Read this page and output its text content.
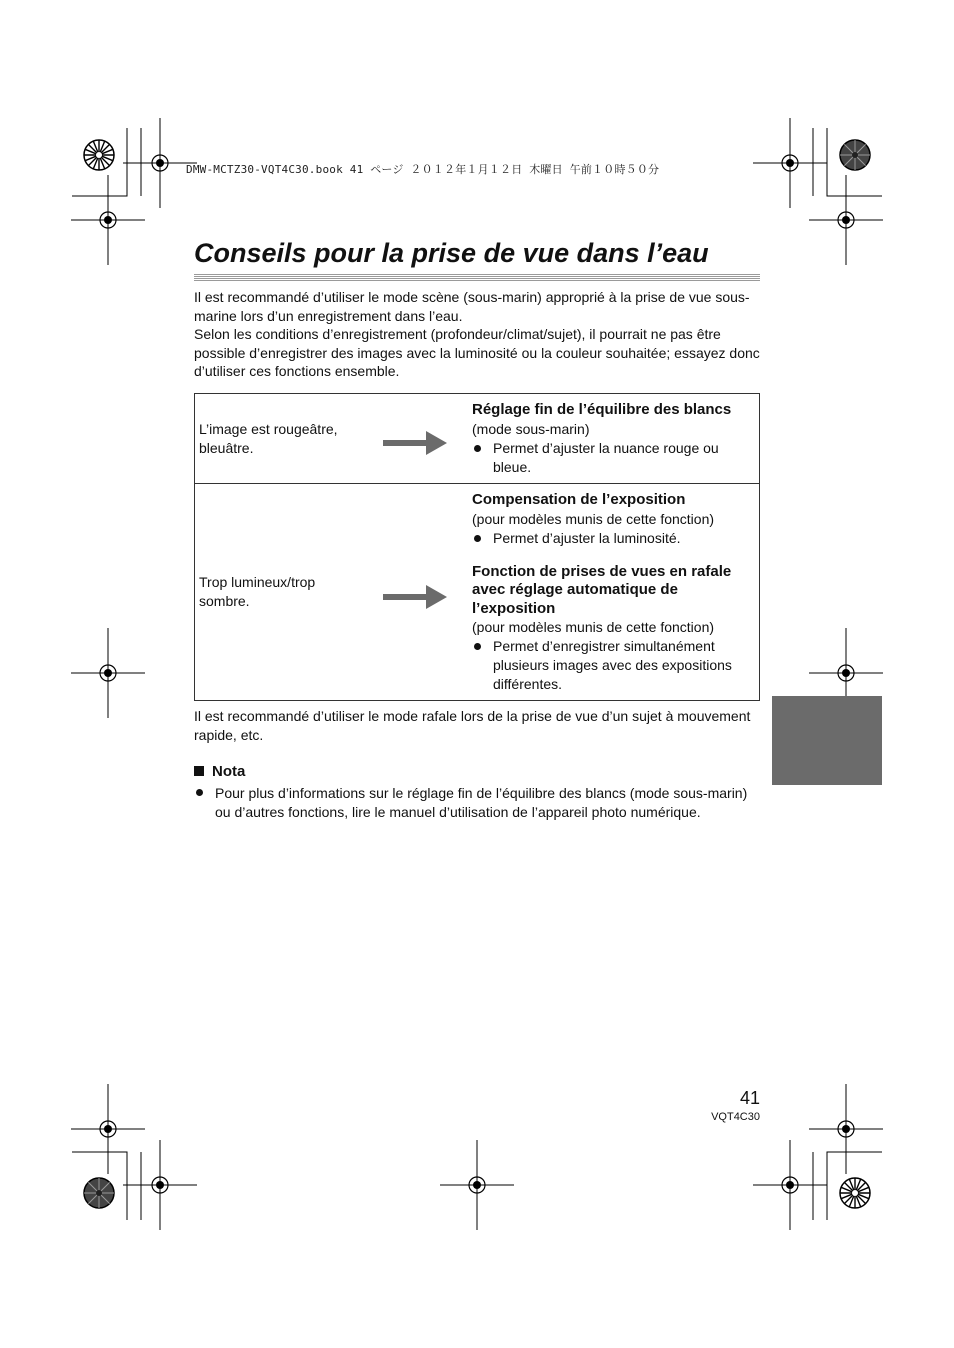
DMW-MCTZ30-VQT4C30.book 41 ページ ２０１２年１月１２日 木曜日 午前１０時５０分
Conseils pour la prise de vue dans l’eau

Il est recommandé d’utiliser le mode scène (sous-marin) approprié à la prise de vue sous-marine lors d’un enregistrement dans l’eau.

Selon les conditions d’enregistrement (profondeur/climat/sujet), il pourrait ne pas être possible d’enregistrer des images avec la luminosité ou la couleur souhaitée; essayez donc d’utiliser ces fonctions ensemble.

L’image est rougeâtre, bleuâtre.
Réglage fin de l’équilibre des blancs
(mode sous-marin)
Permet d’ajuster la nuance rouge ou bleue.
Trop lumineux/trop sombre.
Compensation de l’exposition
(pour modèles munis de cette fonction)
Permet d’ajuster la luminosité.
Fonction de prises de vues en rafale avec réglage automatique de l’exposition
(pour modèles munis de cette fonction)
Permet d’enregistrer simultanément plusieurs images avec des expositions différentes.

Il est recommandé d’utiliser le mode rafale lors de la prise de vue d’un sujet à mouvement rapide, etc.

Nota
Pour plus d’informations sur le réglage fin de l’équilibre des blancs (mode sous-marin) ou d’autres fonctions, lire le manuel d’utilisation de l’appareil photo numérique.
41
VQT4C30
